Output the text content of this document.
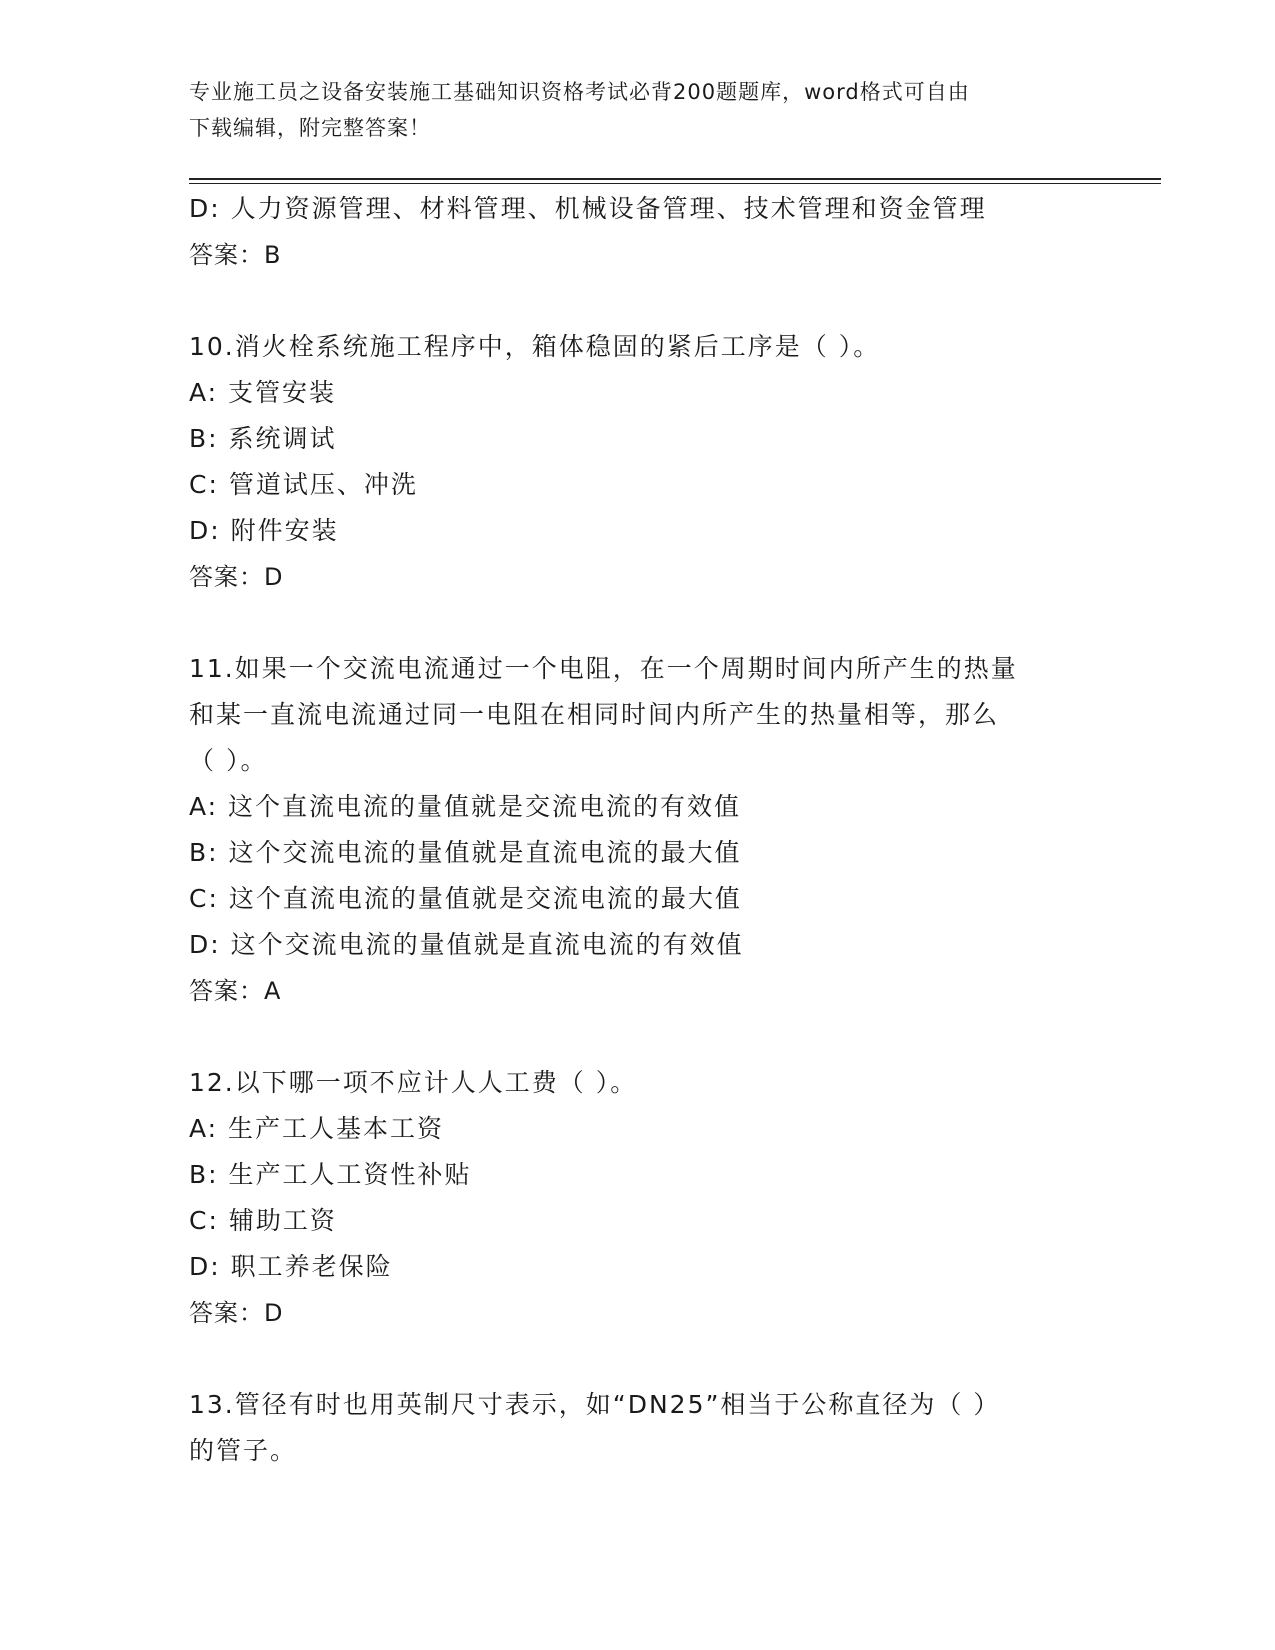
专业施工员之设备安装施工基础知识资格考试必背200题题库，word格式可自由
下载编辑，附完整答案！
D: 人力资源管理、材料管理、机械设备管理、技术管理和资金管理
答案：B
10.消火栓系统施工程序中，箱体稳固的紧后工序是（ ）。
A: 支管安装
B: 系统调试
C: 管道试压、冲洗
D: 附件安装
答案：D
11.如果一个交流电流通过一个电阻，在一个周期时间内所产生的热量
和某一直流电流通过同一电阻在相同时间内所产生的热量相等，那么
（ ）。
A: 这个直流电流的量值就是交流电流的有效值
B: 这个交流电流的量值就是直流电流的最大值
C: 这个直流电流的量值就是交流电流的最大值
D: 这个交流电流的量值就是直流电流的有效值
答案：A
12.以下哪一项不应计人人工费（ ）。
A: 生产工人基本工资
B: 生产工人工资性补贴
C: 辅助工资
D: 职工养老保险
答案：D
13.管径有时也用英制尺寸表示，如“DN25”相当于公称直径为（ ）
的管子。
